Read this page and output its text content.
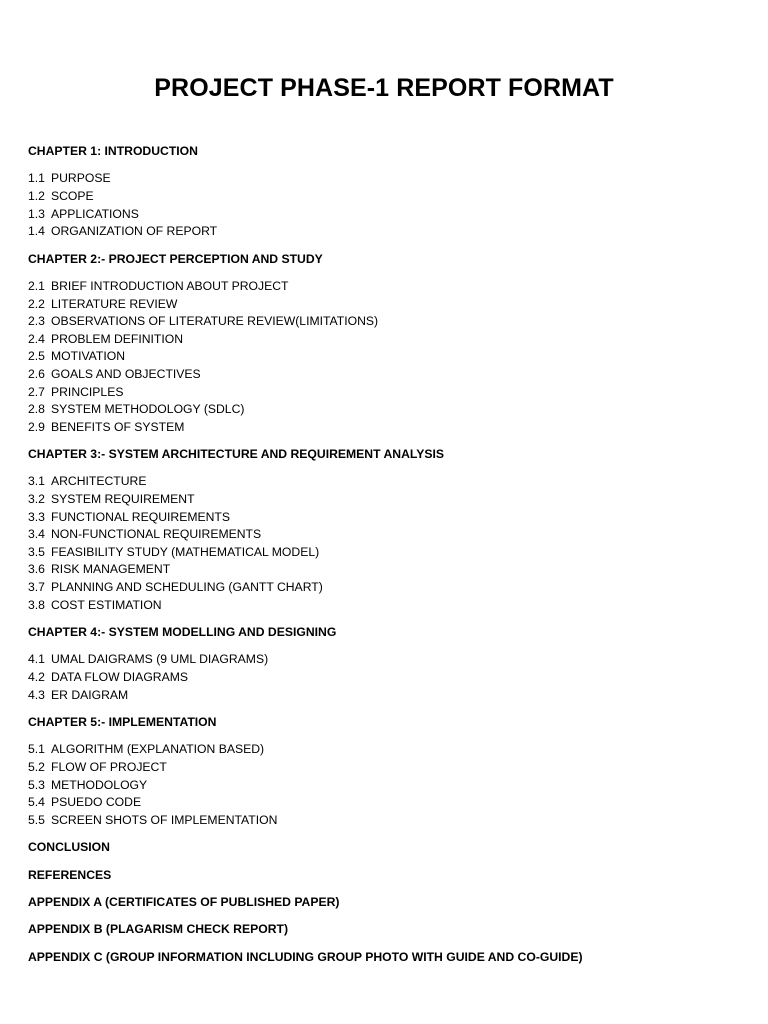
PROJECT PHASE-1 REPORT FORMAT
CHAPTER 1: INTRODUCTION
1.1 PURPOSE
1.2 SCOPE
1.3 APPLICATIONS
1.4 ORGANIZATION OF REPORT
CHAPTER 2:- PROJECT PERCEPTION AND STUDY
2.1 BRIEF INTRODUCTION ABOUT PROJECT
2.2 LITERATURE REVIEW
2.3 OBSERVATIONS OF LITERATURE REVIEW(LIMITATIONS)
2.4 PROBLEM DEFINITION
2.5 MOTIVATION
2.6 GOALS AND OBJECTIVES
2.7 PRINCIPLES
2.8 SYSTEM METHODOLOGY (SDLC)
2.9 BENEFITS OF SYSTEM
CHAPTER 3:- SYSTEM ARCHITECTURE AND REQUIREMENT ANALYSIS
3.1 ARCHITECTURE
3.2 SYSTEM REQUIREMENT
3.3 FUNCTIONAL REQUIREMENTS
3.4 NON-FUNCTIONAL REQUIREMENTS
3.5 FEASIBILITY STUDY (MATHEMATICAL MODEL)
3.6 RISK MANAGEMENT
3.7 PLANNING AND SCHEDULING (GANTT CHART)
3.8 COST ESTIMATION
CHAPTER 4:- SYSTEM MODELLING AND DESIGNING
4.1 UMAL DAIGRAMS (9 UML DIAGRAMS)
4.2 DATA FLOW DIAGRAMS
4.3 ER DAIGRAM
CHAPTER 5:- IMPLEMENTATION
5.1 ALGORITHM (EXPLANATION BASED)
5.2 FLOW OF PROJECT
5.3 METHODOLOGY
5.4 PSUEDO CODE
5.5 SCREEN SHOTS OF IMPLEMENTATION
CONCLUSION
REFERENCES
APPENDIX A (CERTIFICATES OF PUBLISHED PAPER)
APPENDIX B (PLAGARISM CHECK REPORT)
APPENDIX C (GROUP INFORMATION INCLUDING GROUP PHOTO WITH GUIDE AND CO-GUIDE)
